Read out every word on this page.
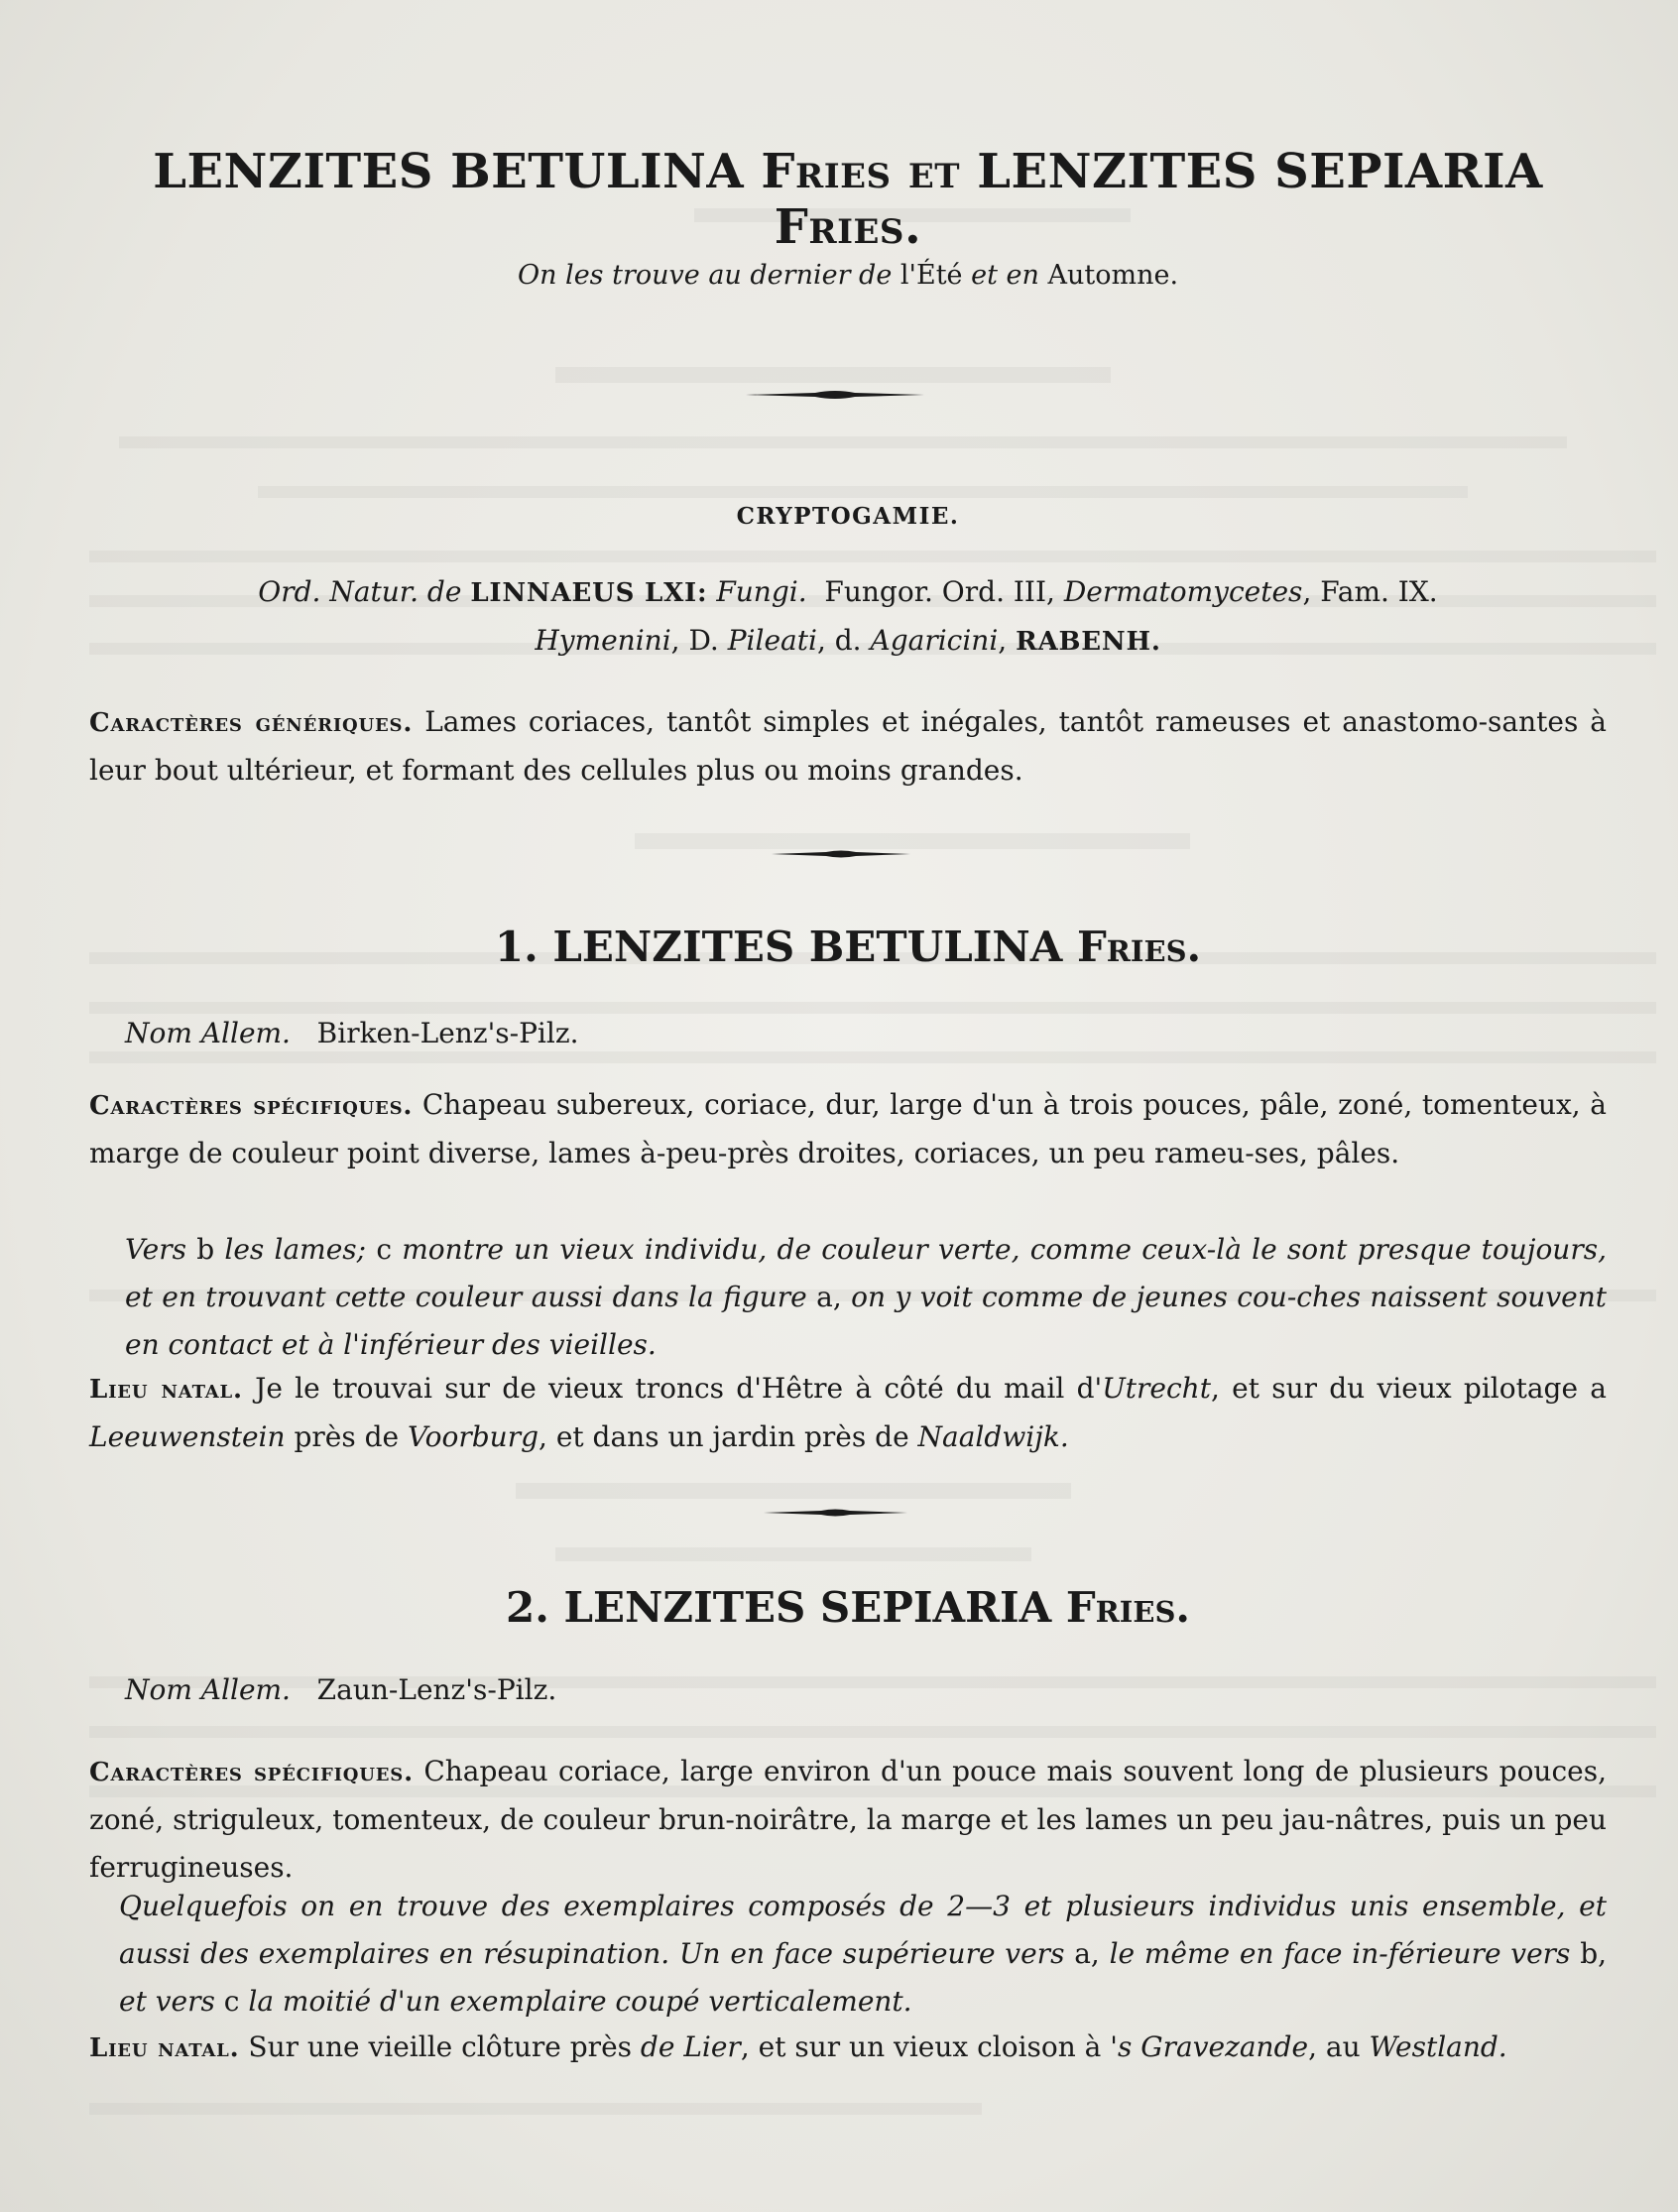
LENZITES BETULINA Fries et LENZITES SEPIARIA Fries.
On les trouve au dernier de l'Été et en Automne.
CRYPTOGAMIE.
Ord. Natur. de LINNAEUS LXI: Fungi. Fungor. Ord. III, Dermatomycetes, Fam. IX.
Hymenini, D. Pileati, d. Agaricini, RABENH.
Caractères génériques. Lames coriaces, tantôt simples et inégales, tantôt rameuses et anastomo-santes à leur bout ultérieur, et formant des cellules plus ou moins grandes.
1. LENZITES BETULINA Fries.
Nom Allem. Birken-Lenz's-Pilz.
Caractères spécifiques. Chapeau subereux, coriace, dur, large d'un à trois pouces, pâle, zoné, tomenteux, à marge de couleur point diverse, lames à-peu-près droites, coriaces, un peu rameu-ses, pâles.
Vers b les lames; c montre un vieux individu, de couleur verte, comme ceux-là le sont presque toujours, et en trouvant cette couleur aussi dans la figure a, on y voit comme de jeunes cou-ches naissent souvent en contact et à l'inférieur des vieilles.
Lieu natal. Je le trouvai sur de vieux troncs d'Hêtre à côté du mail d'Utrecht, et sur du vieux pilotage a Leeuwenstein près de Voorburg, et dans un jardin près de Naaldwijk.
2. LENZITES SEPIARIA Fries.
Nom Allem. Zaun-Lenz's-Pilz.
Caractères spécifiques. Chapeau coriace, large environ d'un pouce mais souvent long de plusieurs pouces, zoné, striguleux, tomenteux, de couleur brun-noirâtre, la marge et les lames un peu jau-nâtres, puis un peu ferrugineuses.
Quelquefois on en trouve des exemplaires composés de 2—3 et plusieurs individus unis ensemble, et aussi des exemplaires en résupination. Un en face supérieure vers a, le même en face in-férieure vers b, et vers c la moitié d'un exemplaire coupé verticalement.
Lieu natal. Sur une vieille clôture près de Lier, et sur un vieux cloison à 's Gravezande, au Westland.
